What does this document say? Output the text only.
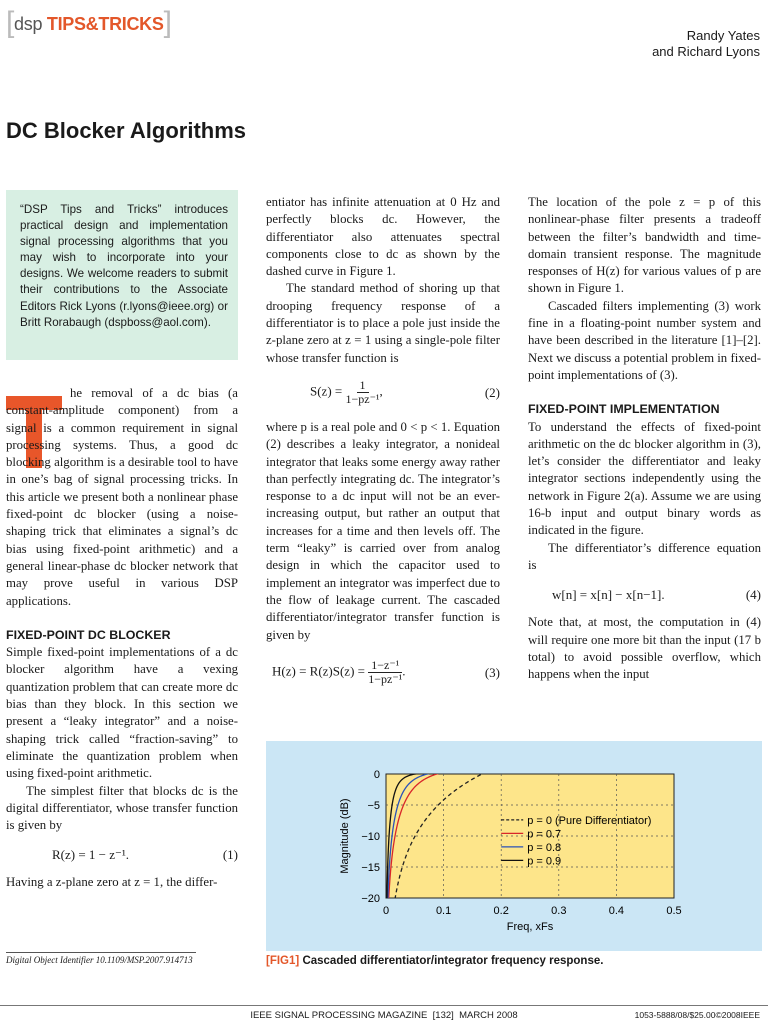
[dsp TIPS&TRICKS]	Randy Yates
and Richard Lyons
DC Blocker Algorithms
“DSP Tips and Tricks” introduces practical design and implementation signal processing algorithms that you may wish to incorporate into your designs. We welcome readers to submit their contributions to the Associate Editors Rick Lyons (r.lyons@ieee.org) or Britt Rorabaugh (dspboss@aol.com).
T

he removal of a dc bias (a constant-amplitude component) from a signal is a common requirement in signal processing systems. Thus, a good dc blocking algorithm is a desirable tool to have in one’s bag of signal processing tricks. In this article we present both a nonlinear phase fixed-point dc blocker (using a noise-shaping trick that eliminates a signal’s dc bias using fixed-point arithmetic) and a general linear-phase dc blocker network that may prove useful in various DSP applications.

FIXED-POINT DC BLOCKER

Simple fixed-point implementations of a dc blocker algorithm have a vexing quantization problem that can create more dc bias than they block. In this section we present a “leaky integrator” and a noise-shaping trick called “fraction-saving” to eliminate the quantization problem when using fixed-point arithmetic.

The simplest filter that blocks dc is the digital differentiator, whose transfer function is given by

R(z) = 1 − z⁻¹.	(1)

Having a z-plane zero at z = 1, the differ-

entiator has infinite attenuation at 0 Hz and perfectly blocks dc. However, the differentiator also attenuates spectral components close to dc as shown by the dashed curve in Figure 1.

The standard method of shoring up that drooping frequency response of a differentiator is to place a pole just inside the z-plane zero at z = 1 using a single-pole filter whose transfer function is

$S(z) = \frac{1}{\text{1−pz⁻¹}}$ ,	(2)

where p is a real pole and 0 < p < 1. Equation (2) describes a leaky integrator, a nonideal integrator that leaks some energy away rather than perfectly integrating dc. The integrator’s response to a dc input will not be an ever-increasing output, but rather an output that increases for a time and then levels off. The term “leaky” is carried over from analog design in which the capacitor used to implement an integrator was imperfect due to the flow of leakage current. The cascaded differentiator/integrator transfer function is given by

$H(z) = R(z)S(z) = \frac{\text{1−z⁻¹}}{\text{1−pz⁻¹}}$ .	(3)

The location of the pole z = p of this nonlinear-phase filter presents a tradeoff between the filter’s bandwidth and time-domain transient response. The magnitude responses of H(z) for various values of p are shown in Figure 1.

Cascaded filters implementing (3) work fine in a floating-point number system and have been described in the literature [1]–[2]. Next we discuss a potential problem in fixed-point implementations of (3).

FIXED-POINT IMPLEMENTATION

To understand the effects of fixed-point arithmetic on the dc blocker algorithm in (3), let’s consider the differentiator and leaky integrator sections independently using the network in Figure 2(a). Assume we are using 16-b input and output binary words as indicated in the figure.

The differentiator’s difference equation is

w[n] = x[n] − x[n−1].	(4)

Note that, at most, the computation in (4) will require one more bit than the input (17 b total) to avoid possible overflow, which happens when the input

0	0.1	0.2	0.3	0.4	0.5
0
−5
−10
−15
−20
Freq, xFs
Magnitude (dB)	p = 0 (Pure Differentiator)
p = 0.7
p = 0.8
p = 0.9
[FIG1] Cascaded differentiator/integrator frequency response.
Digital Object Identifier 10.1109/MSP.2007.914713
IEEE SIGNAL PROCESSING MAGAZINE [132] MARCH 2008	1053-5888/08/$25.00©2008IEEE
